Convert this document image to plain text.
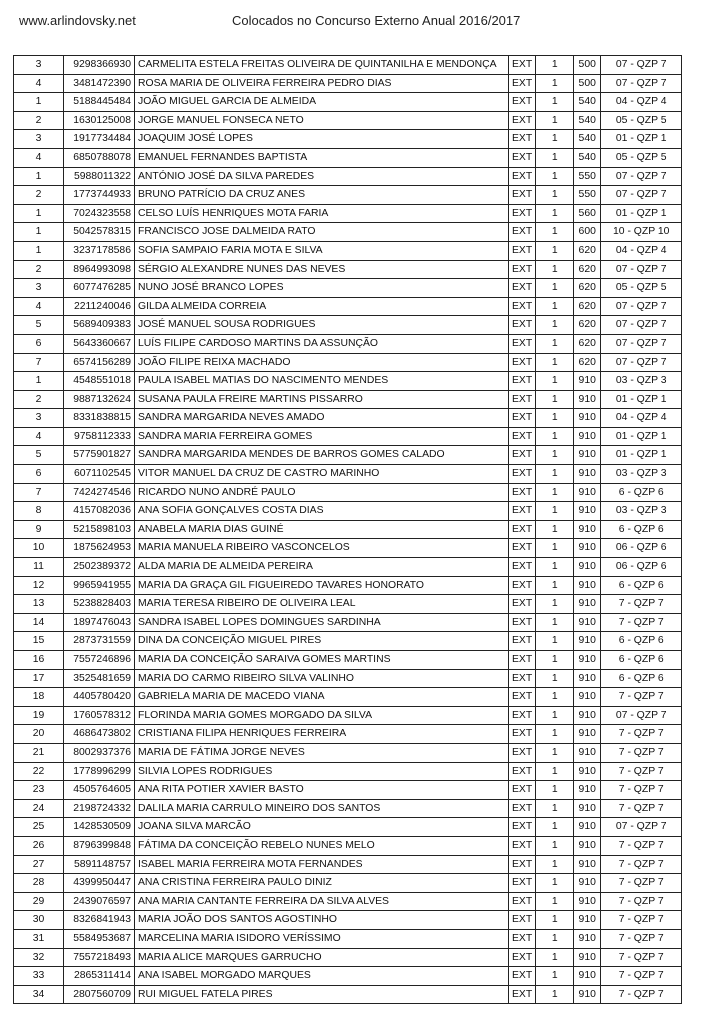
www.arlindovsky.net	Colocados no Concurso Externo Anual 2016/2017
3	9298366930	CARMELITA ESTELA FREITAS OLIVEIRA DE QUINTANILHA E MENDONÇA	EXT	1	500	07 - QZP 7
4	3481472390	ROSA MARIA DE OLIVEIRA FERREIRA PEDRO DIAS	EXT	1	500	07 - QZP 7
1	5188445484	JOÃO MIGUEL GARCIA DE ALMEIDA	EXT	1	540	04 - QZP 4
2	1630125008	JORGE MANUEL FONSECA NETO	EXT	1	540	05 - QZP 5
3	1917734484	JOAQUIM JOSÉ LOPES	EXT	1	540	01 - QZP 1
4	6850788078	EMANUEL FERNANDES BAPTISTA	EXT	1	540	05 - QZP 5
1	5988011322	ANTÓNIO JOSÉ DA SILVA PAREDES	EXT	1	550	07 - QZP 7
2	1773744933	BRUNO PATRÍCIO DA CRUZ ANES	EXT	1	550	07 - QZP 7
1	7024323558	CELSO LUÍS HENRIQUES MOTA FARIA	EXT	1	560	01 - QZP 1
1	5042578315	FRANCISCO JOSE DALMEIDA RATO	EXT	1	600	10 - QZP 10
1	3237178586	SOFIA SAMPAIO FARIA MOTA E SILVA	EXT	1	620	04 - QZP 4
2	8964993098	SÉRGIO ALEXANDRE NUNES DAS NEVES	EXT	1	620	07 - QZP 7
3	6077476285	NUNO JOSÉ BRANCO LOPES	EXT	1	620	05 - QZP 5
4	2211240046	GILDA ALMEIDA CORREIA	EXT	1	620	07 - QZP 7
5	5689409383	JOSÉ MANUEL SOUSA RODRIGUES	EXT	1	620	07 - QZP 7
6	5643360667	LUÍS FILIPE CARDOSO MARTINS DA ASSUNÇÃO	EXT	1	620	07 - QZP 7
7	6574156289	JOÃO FILIPE REIXA MACHADO	EXT	1	620	07 - QZP 7
1	4548551018	PAULA ISABEL MATIAS DO NASCIMENTO MENDES	EXT	1	910	03 - QZP 3
2	9887132624	SUSANA PAULA FREIRE MARTINS PISSARRO	EXT	1	910	01 - QZP 1
3	8331838815	SANDRA MARGARIDA NEVES AMADO	EXT	1	910	04 - QZP 4
4	9758112333	SANDRA MARIA FERREIRA GOMES	EXT	1	910	01 - QZP 1
5	5775901827	SANDRA MARGARIDA MENDES DE BARROS GOMES CALADO	EXT	1	910	01 - QZP 1
6	6071102545	VITOR MANUEL DA CRUZ DE CASTRO MARINHO	EXT	1	910	03 - QZP 3
7	7424274546	RICARDO NUNO ANDRÉ PAULO	EXT	1	910	6 - QZP 6
8	4157082036	ANA SOFIA GONÇALVES COSTA DIAS	EXT	1	910	03 - QZP 3
9	5215898103	ANABELA MARIA DIAS GUINÉ	EXT	1	910	6 - QZP 6
10	1875624953	MARIA MANUELA RIBEIRO VASCONCELOS	EXT	1	910	06 - QZP 6
11	2502389372	ALDA MARIA DE ALMEIDA PEREIRA	EXT	1	910	06 - QZP 6
12	9965941955	MARIA DA GRAÇA GIL FIGUEIREDO TAVARES HONORATO	EXT	1	910	6 - QZP 6
13	5238828403	MARIA TERESA RIBEIRO DE OLIVEIRA LEAL	EXT	1	910	7 - QZP 7
14	1897476043	SANDRA ISABEL LOPES DOMINGUES SARDINHA	EXT	1	910	7 - QZP 7
15	2873731559	DINA DA CONCEIÇÃO MIGUEL PIRES	EXT	1	910	6 - QZP 6
16	7557246896	MARIA DA CONCEIÇÃO SARAIVA GOMES MARTINS	EXT	1	910	6 - QZP 6
17	3525481659	MARIA DO CARMO RIBEIRO SILVA VALINHO	EXT	1	910	6 - QZP 6
18	4405780420	GABRIELA MARIA DE MACEDO VIANA	EXT	1	910	7 - QZP 7
19	1760578312	FLORINDA MARIA GOMES MORGADO DA SILVA	EXT	1	910	07 - QZP 7
20	4686473802	CRISTIANA FILIPA HENRIQUES FERREIRA	EXT	1	910	7 - QZP 7
21	8002937376	MARIA DE FÁTIMA JORGE NEVES	EXT	1	910	7 - QZP 7
22	1778996299	SILVIA LOPES RODRIGUES	EXT	1	910	7 - QZP 7
23	4505764605	ANA RITA POTIER XAVIER BASTO	EXT	1	910	7 - QZP 7
24	2198724332	DALILA MARIA CARRULO MINEIRO DOS SANTOS	EXT	1	910	7 - QZP 7
25	1428530509	JOANA SILVA MARCÃO	EXT	1	910	07 - QZP 7
26	8796399848	FÁTIMA DA CONCEIÇÃO REBELO NUNES MELO	EXT	1	910	7 - QZP 7
27	5891148757	ISABEL MARIA FERREIRA MOTA FERNANDES	EXT	1	910	7 - QZP 7
28	4399950447	ANA CRISTINA FERREIRA PAULO DINIZ	EXT	1	910	7 - QZP 7
29	2439076597	ANA MARIA CANTANTE FERREIRA DA SILVA ALVES	EXT	1	910	7 - QZP 7
30	8326841943	MARIA JOÃO DOS SANTOS AGOSTINHO	EXT	1	910	7 - QZP 7
31	5584953687	MARCELINA MARIA ISIDORO VERÍSSIMO	EXT	1	910	7 - QZP 7
32	7557218493	MARIA ALICE MARQUES GARRUCHO	EXT	1	910	7 - QZP 7
33	2865311414	ANA ISABEL MORGADO MARQUES	EXT	1	910	7 - QZP 7
34	2807560709	RUI MIGUEL FATELA PIRES	EXT	1	910	7 - QZP 7
